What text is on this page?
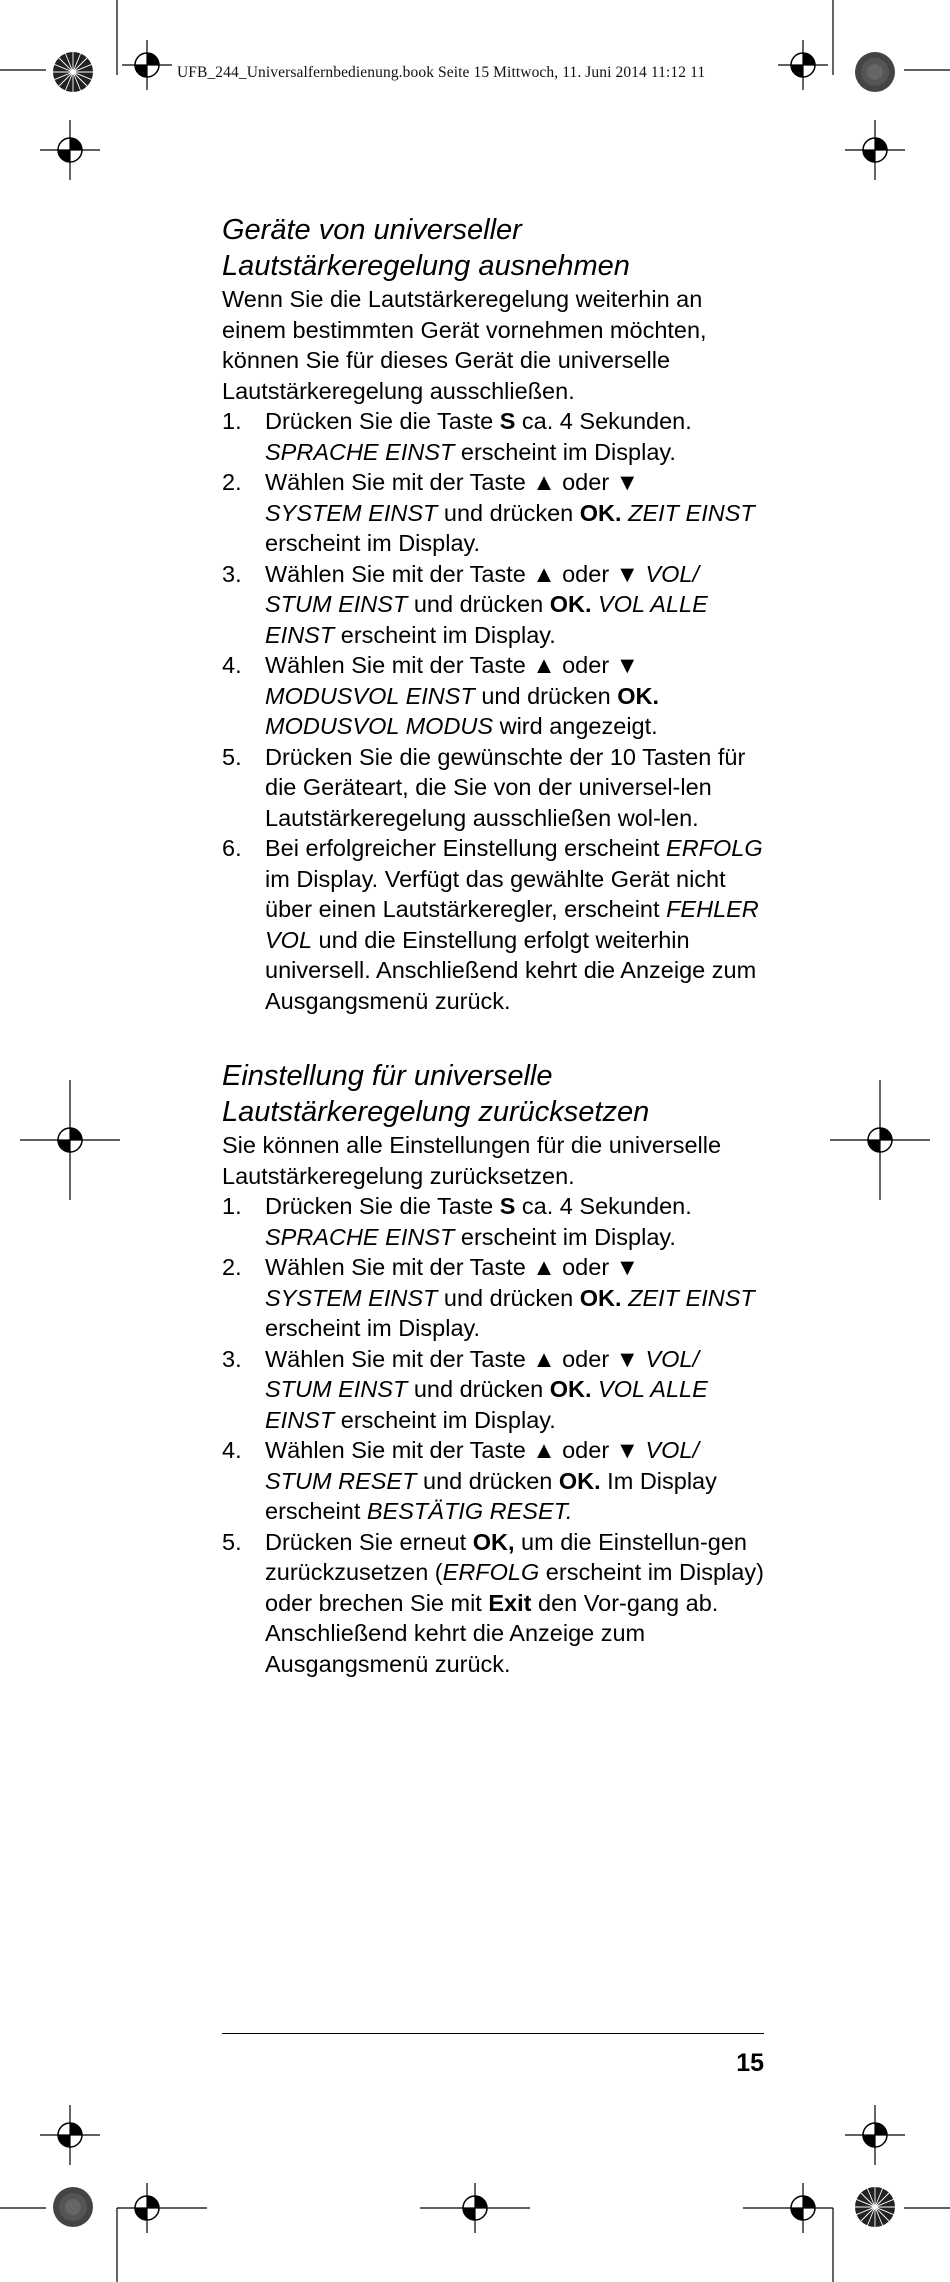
UFB_244_Universalfernbedienung.book Seite 15 Mittwoch, 11. Juni 2014 11:12 11
Geräte von universeller
Lautstärkeregelung ausnehmen

Wenn Sie die Lautstärkeregelung weiterhin an einem bestimmten Gerät vornehmen möchten, können Sie für dieses Gerät die universelle Lautstärkeregelung ausschließen.

1. Drücken Sie die Taste S ca. 4 Sekunden.
SPRACHE EINST erscheint im Display.
2. Wählen Sie mit der Taste ▲ oder ▼
SYSTEM EINST und drücken OK. ZEIT EINST erscheint im Display.
3. Wählen Sie mit der Taste ▲ oder ▼ VOL/ STUM EINST und drücken OK. VOL ALLE EINST erscheint im Display.
4. Wählen Sie mit der Taste ▲ oder ▼
MODUSVOL EINST und drücken OK.
MODUSVOL MODUS wird angezeigt.
5. Drücken Sie die gewünschte der 10 Tasten für die Geräteart, die Sie von der universel-len Lautstärkeregelung ausschließen wol-len.
6. Bei erfolgreicher Einstellung erscheint ERFOLG im Display. Verfügt das gewählte Gerät nicht über einen Lautstärkeregler, erscheint FEHLER VOL und die Einstellung erfolgt weiterhin universell. Anschließend kehrt die Anzeige zum Ausgangsmenü zurück.
Einstellung für universelle
Lautstärkeregelung zurücksetzen

Sie können alle Einstellungen für die universelle Lautstärkeregelung zurücksetzen.

1. Drücken Sie die Taste S ca. 4 Sekunden.
SPRACHE EINST erscheint im Display.
2. Wählen Sie mit der Taste ▲ oder ▼
SYSTEM EINST und drücken OK. ZEIT EINST erscheint im Display.
3. Wählen Sie mit der Taste ▲ oder ▼ VOL/ STUM EINST und drücken OK. VOL ALLE EINST erscheint im Display.
4. Wählen Sie mit der Taste ▲ oder ▼ VOL/ STUM RESET und drücken OK. Im Display erscheint BESTÄTIG RESET.
5. Drücken Sie erneut OK, um die Einstellun-gen zurückzusetzen (ERFOLG erscheint im Display) oder brechen Sie mit Exit den Vor-gang ab. Anschließend kehrt die Anzeige zum Ausgangsmenü zurück.
15
